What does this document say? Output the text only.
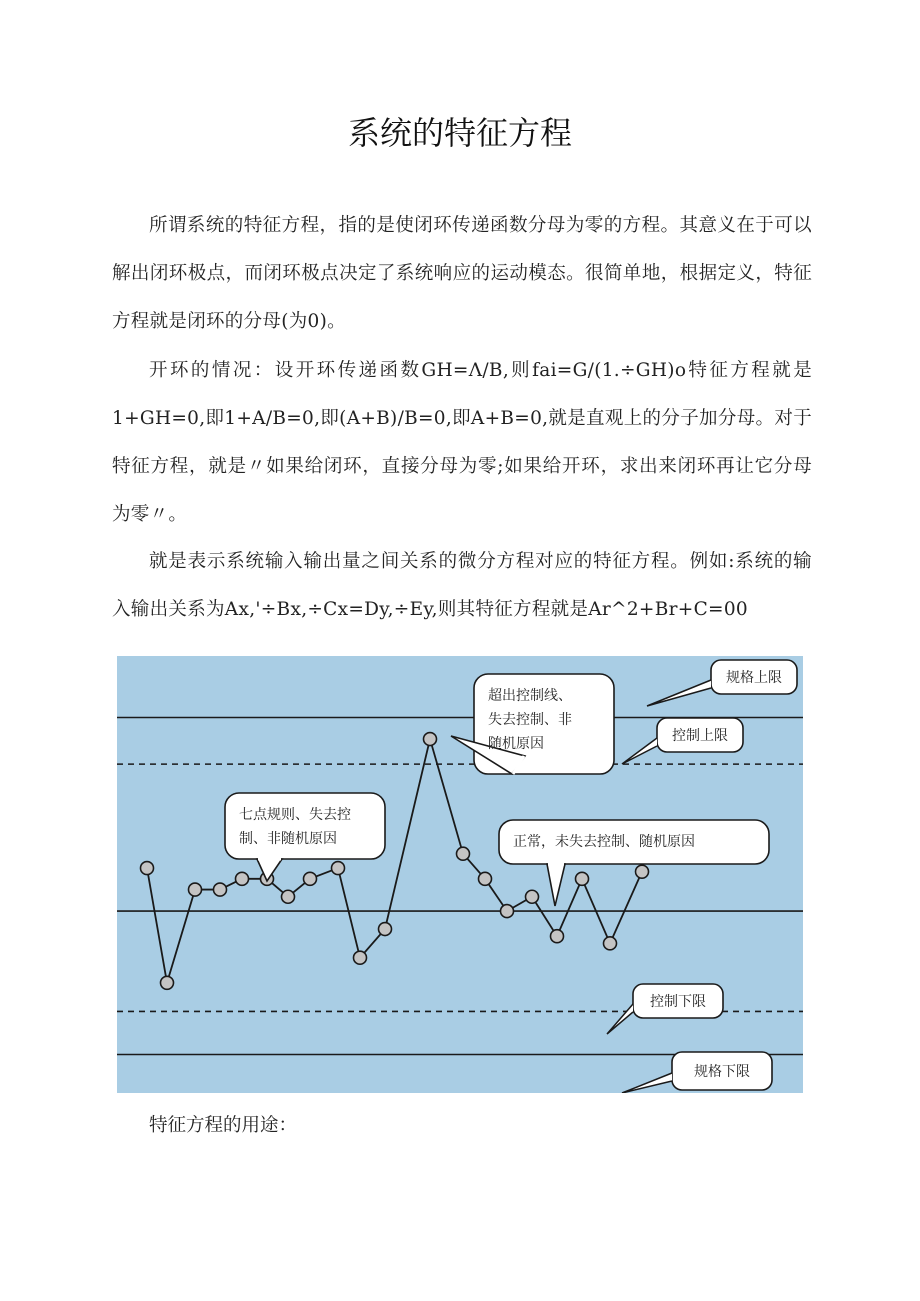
系统的特征方程

所谓系统的特征方程，指的是使闭环传递函数分母为零的方程。其意义在于可以解出闭环极点，而闭环极点决定了系统响应的运动模态。很简单地，根据定义，特征方程就是闭环的分母(为0)。

开环的情况：设开环传递函数GH=Λ/B,则fai=G/(1.÷GH)o特征方程就是1+GH=0,即1+A/B=0,即(A+B)/B=0,即A+B=0,就是直观上的分子加分母。对于特征方程，就是〃如果给闭环，直接分母为零;如果给开环，求出来闭环再让它分母为零〃。

就是表示系统输入输出量之间关系的微分方程对应的特征方程。例如:系统的输入输出关系为Ax,'÷Bx,÷Cx=Dy,÷Ey,则其特征方程就是Ar^2+Br+C=00

超出控制线、
失去控制、非
随机原因
七点规则、失去控
制、非随机原因	正常，未失去控制、随机原因
规格上限
控制上限
控制下限
规格下限

特征方程的用途：
